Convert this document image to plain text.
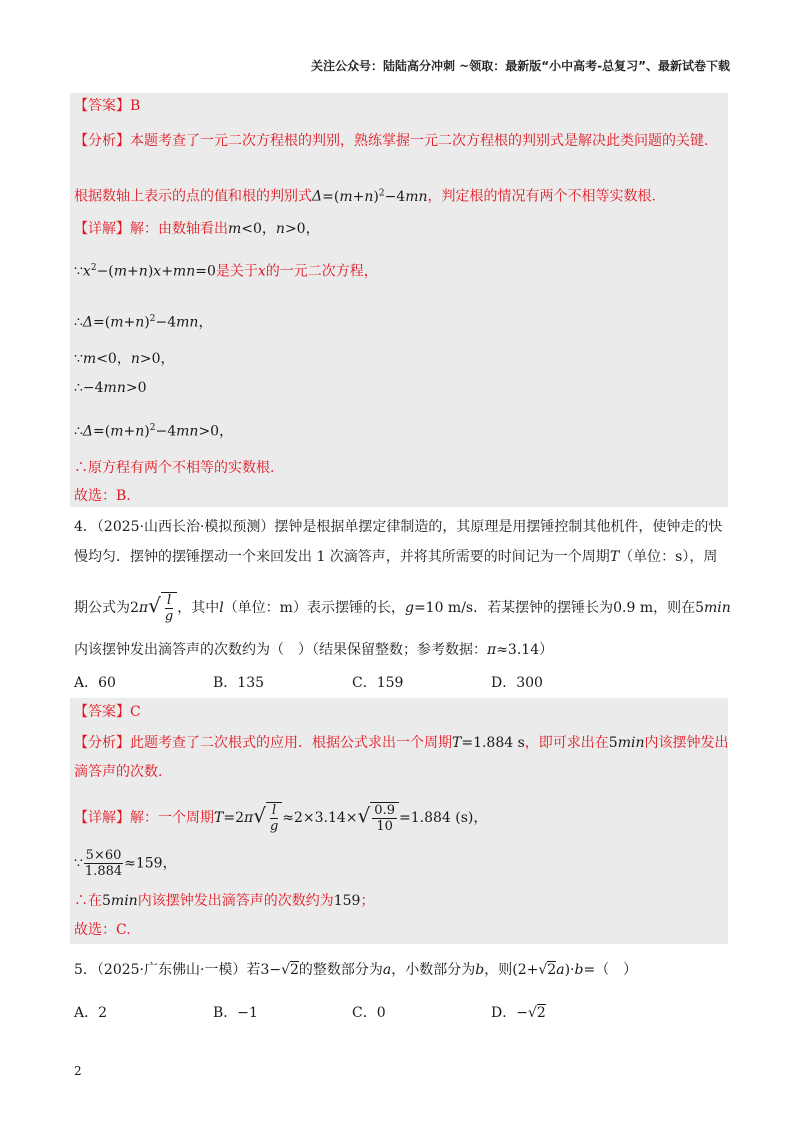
关注公众号：陆陆高分冲刺 ~领取：最新版“小中高考-总复习”、最新试卷下载
【答案】B
【分析】本题考查了一元二次方程根的判别，熟练掌握一元二次方程根的判别式是解决此类问题的关键.
根据数轴上表示的点的值和根的判别式$\Delta=(m+n)^2-4mn$，判定根的情况有两个不相等实数根.
【详解】解：由数轴看出m<0，n>0，
$\because x^2-(m+n)x+mn=0$是关于x的一元二次方程，
$\therefore\Delta=(m+n)^2-4mn$，
∵m<0，n>0，
∴−4mn>0
$\therefore\Delta=(m+n)^2-4mn>0$，
∴原方程有两个不相等的实数根.
故选：B.
4．（2025·山西长治·模拟预测）摆钟是根据单摆定律制造的，其原理是用摆锤控制其他机件，使钟走的快
慢均匀．摆钟的摆锤摆动一个来回发出 1 次滴答声，并将其所需要的时间记为一个周期T（单位：s），周
期公式为$2\pi√ \frac{l}{g}$ ，其中l（单位：m）表示摆锤的长，g=10 m/s．若某摆钟的摆锤长为0.9 m，则在5min
内该摆钟发出滴答声的次数约为（　）（结果保留整数；参考数据：π≈3.14）
A．60	B．135	C．159	D．300
【答案】C
【分析】此题考查了二次根式的应用．根据公式求出一个周期T=1.884 s，即可求出在5min内该摆钟发出
滴答声的次数.
【详解】解：一个周期$T=2\pi√ \frac{l}{g} \approx 2\times 3.14\times√ \frac{0.9}{10} =1.884$ (s)，
∵ $\frac{5\times 60}{1.884} \approx 159$，
∴在5min内该摆钟发出滴答声的次数约为159；
故选：C.
5．（2025·广东佛山·一模）若3−√2的整数部分为a，小数部分为b，则(2+√2a)·b=（　）
A．2	B．−1	C．0	D．−√2
2
